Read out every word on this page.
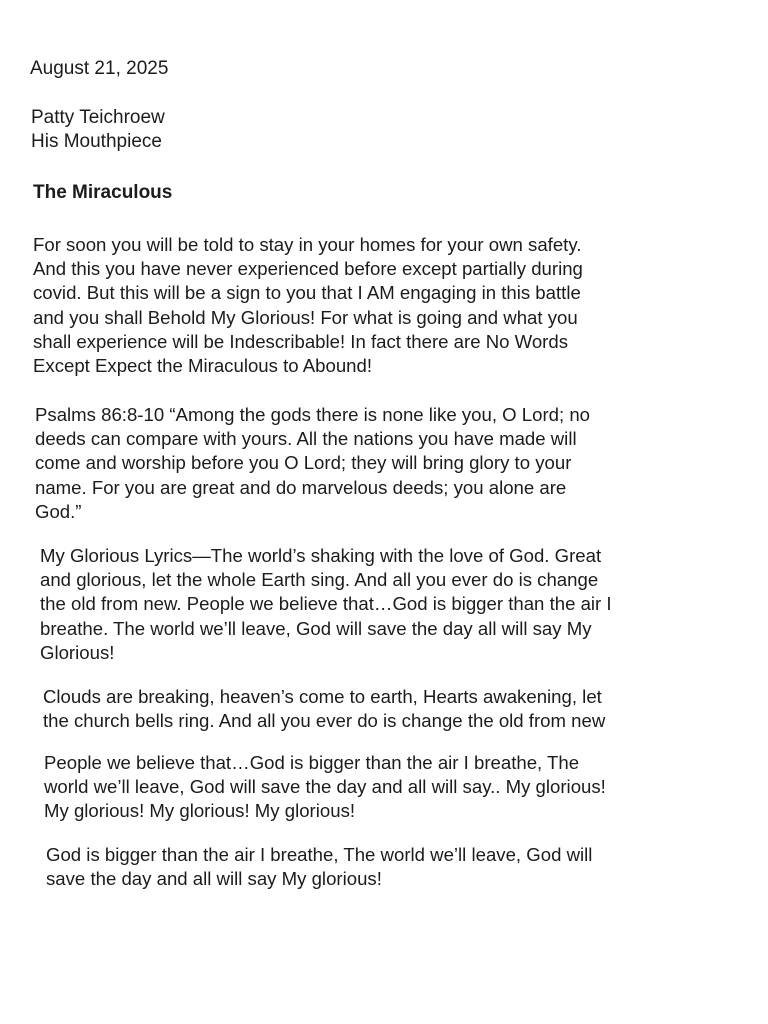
August 21, 2025

Patty Teichroew

His Mouthpiece

The Miraculous

For soon you will be told to stay in your homes for your own safety.
And this you have never experienced before except partially during
covid. But this will be a sign to you that I AM engaging in this battle
and you shall Behold My Glorious! For what is going and what you
shall experience will be Indescribable! In fact there are No Words
Except Expect the Miraculous to Abound!
Psalms 86:8-10 “Among the gods there is none like you, O Lord; no
deeds can compare with yours. All the nations you have made will
come and worship before you O Lord; they will bring glory to your
name. For you are great and do marvelous deeds; you alone are
God.”
My Glorious Lyrics—The world’s shaking with the love of God. Great
and glorious, let the whole Earth sing. And all you ever do is change
the old from new. People we believe that…God is bigger than the air I
breathe. The world we’ll leave, God will save the day all will say My
Glorious!
Clouds are breaking, heaven’s come to earth, Hearts awakening, let
the church bells ring. And all you ever do is change the old from new
People we believe that…God is bigger than the air I breathe, The
world we’ll leave, God will save the day and all will say.. My glorious!
My glorious! My glorious! My glorious!
God is bigger than the air I breathe, The world we’ll leave, God will
save the day and all will say My glorious!
